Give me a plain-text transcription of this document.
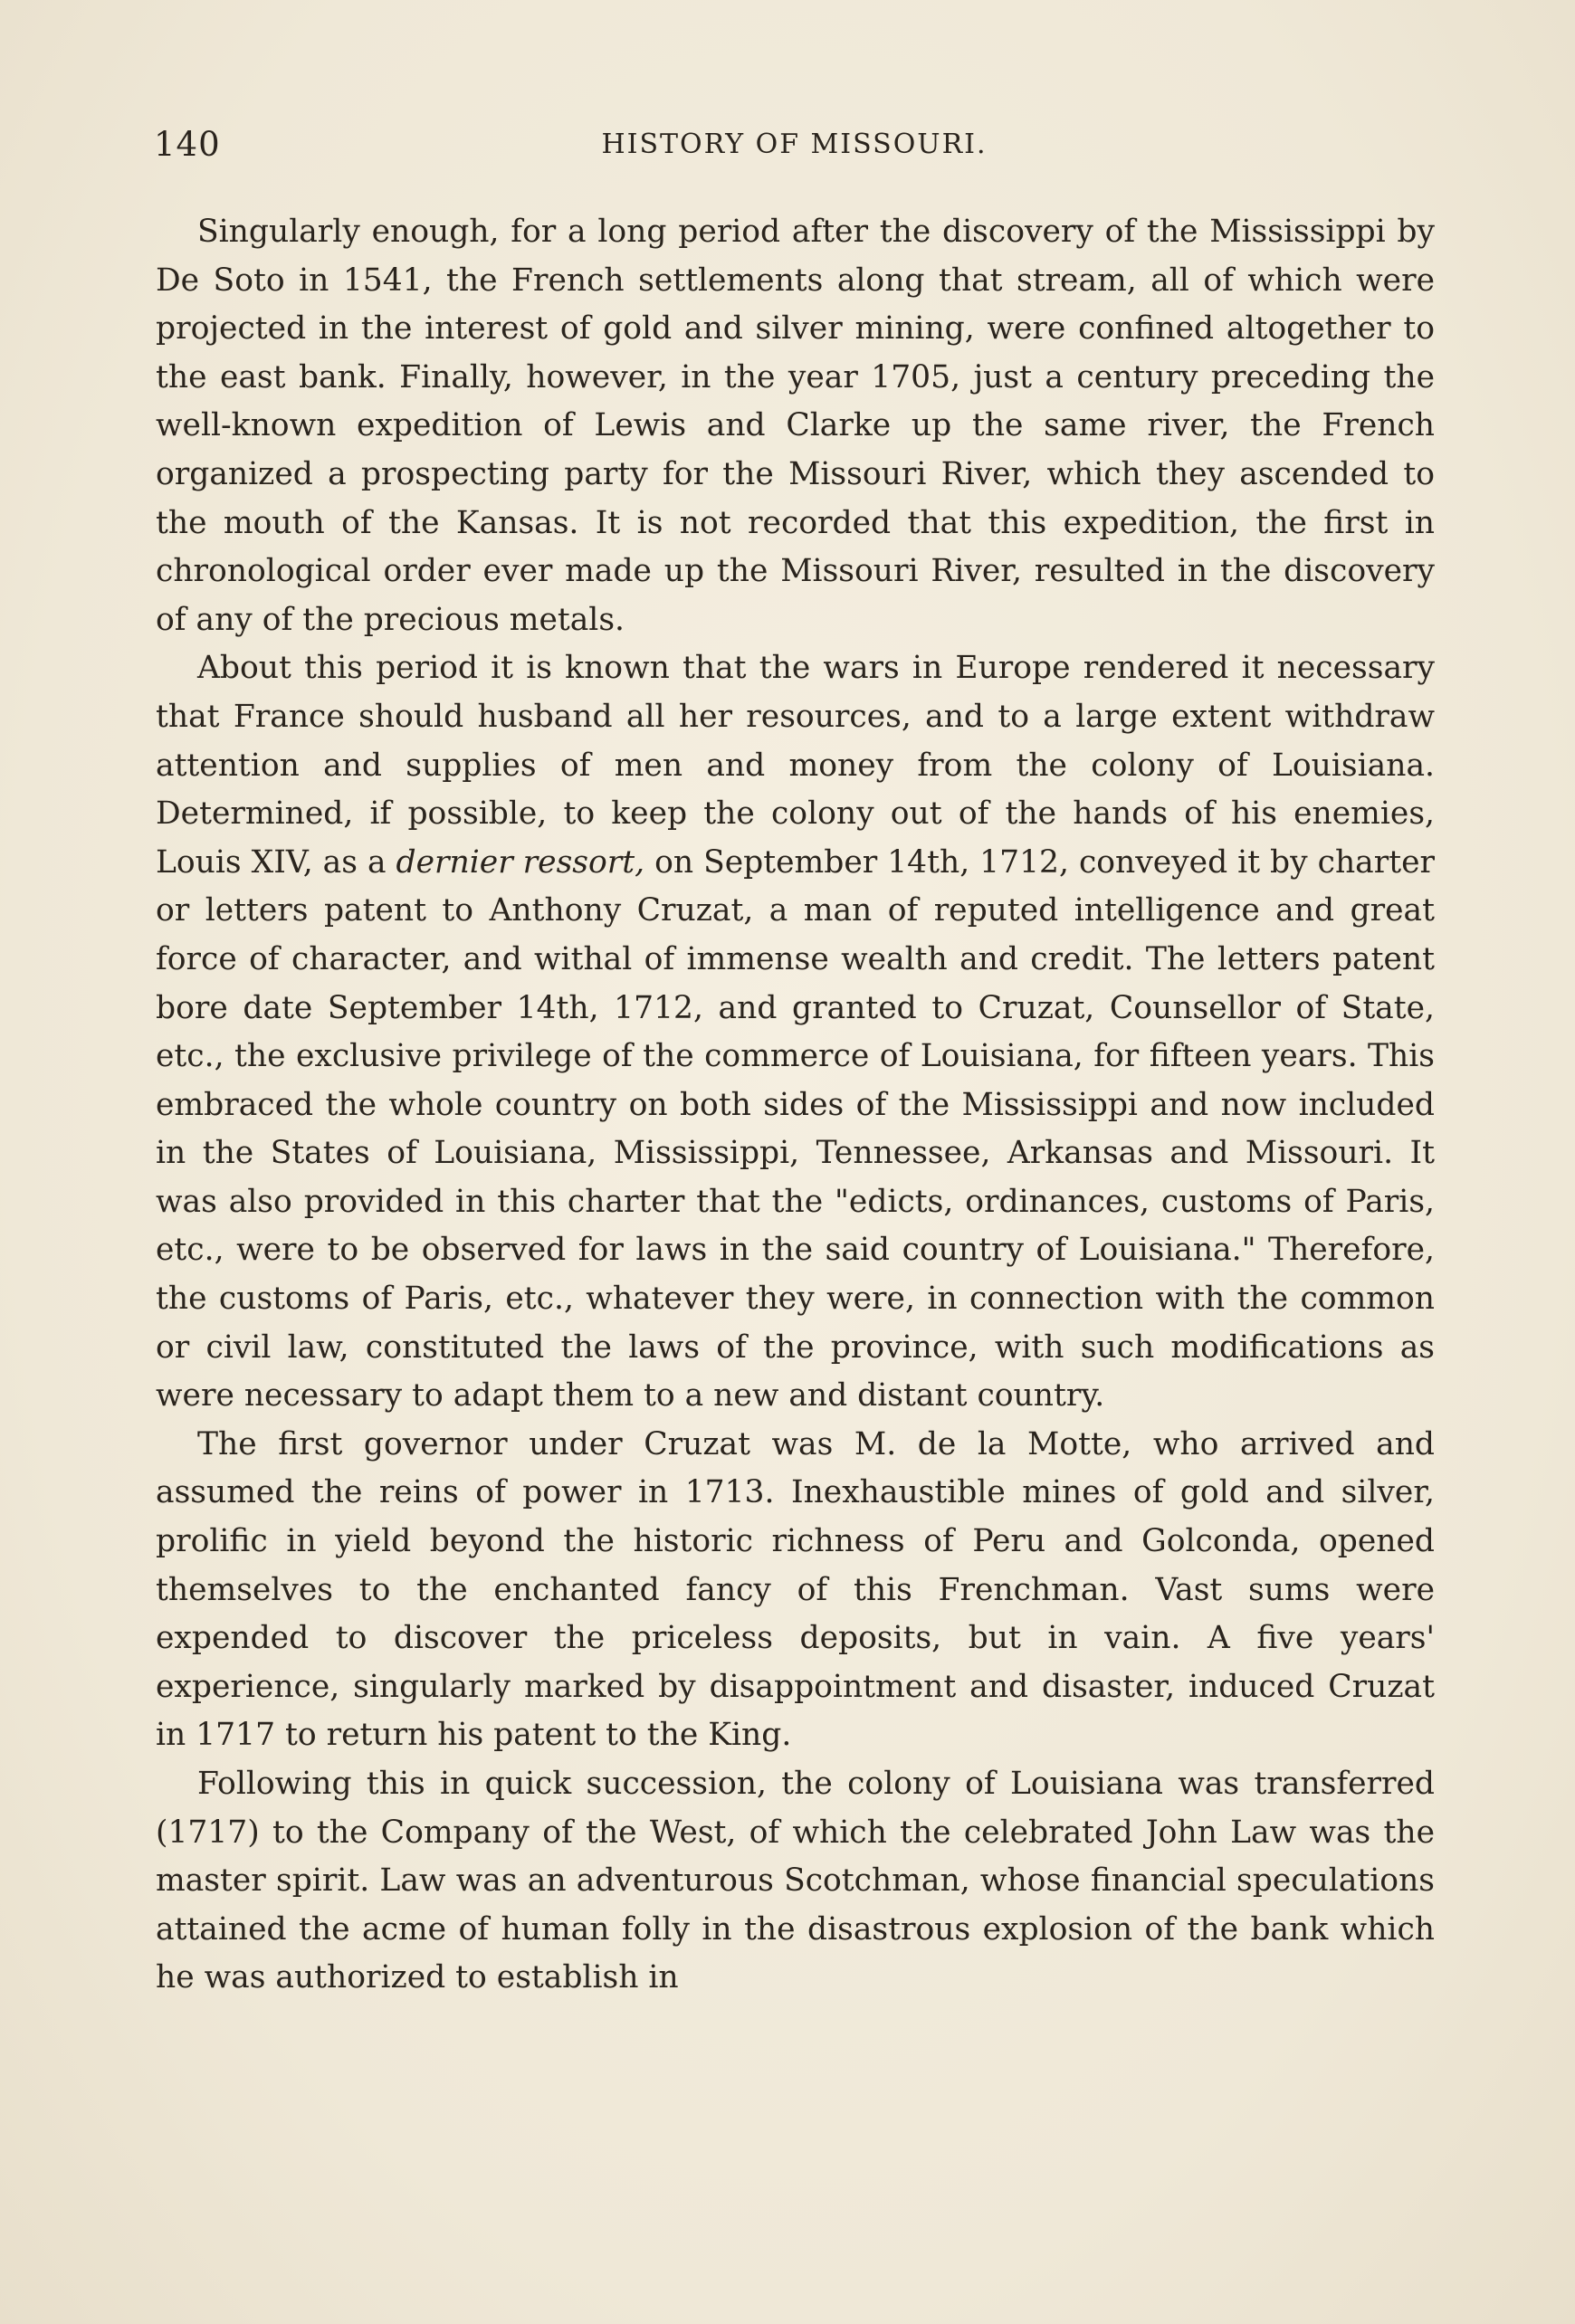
140	HISTORY OF MISSOURI.

Singularly enough, for a long period after the discovery of the Mississippi by De Soto in 1541, the French settlements along that stream, all of which were projected in the interest of gold and silver mining, were confined altogether to the east bank. Finally, however, in the year 1705, just a century preceding the well-known expedition of Lewis and Clarke up the same river, the French organized a prospecting party for the Missouri River, which they ascended to the mouth of the Kansas. It is not recorded that this expedition, the first in chronological order ever made up the Missouri River, resulted in the discovery of any of the precious metals.

About this period it is known that the wars in Europe rendered it necessary that France should husband all her resources, and to a large extent withdraw attention and supplies of men and money from the colony of Louisiana. Determined, if possible, to keep the colony out of the hands of his enemies, Louis XIV, as a dernier ressort, on September 14th, 1712, conveyed it by charter or letters patent to Anthony Cruzat, a man of reputed intelligence and great force of character, and withal of immense wealth and credit. The letters patent bore date September 14th, 1712, and granted to Cruzat, Counsellor of State, etc., the exclusive privilege of the commerce of Louisiana, for fifteen years. This embraced the whole country on both sides of the Mississippi and now included in the States of Louisiana, Mississippi, Tennessee, Arkansas and Missouri. It was also provided in this charter that the "edicts, ordinances, customs of Paris, etc., were to be observed for laws in the said country of Louisiana." Therefore, the customs of Paris, etc., whatever they were, in connection with the common or civil law, constituted the laws of the province, with such modifications as were necessary to adapt them to a new and distant country.

The first governor under Cruzat was M. de la Motte, who arrived and assumed the reins of power in 1713. Inexhaustible mines of gold and silver, prolific in yield beyond the historic richness of Peru and Golconda, opened themselves to the enchanted fancy of this Frenchman. Vast sums were expended to discover the priceless deposits, but in vain. A five years' experience, singularly marked by disappointment and disaster, induced Cruzat in 1717 to return his patent to the King.

Following this in quick succession, the colony of Louisiana was transferred (1717) to the Company of the West, of which the celebrated John Law was the master spirit. Law was an adventurous Scotchman, whose financial speculations attained the acme of human folly in the disastrous explosion of the bank which he was authorized to establish in
